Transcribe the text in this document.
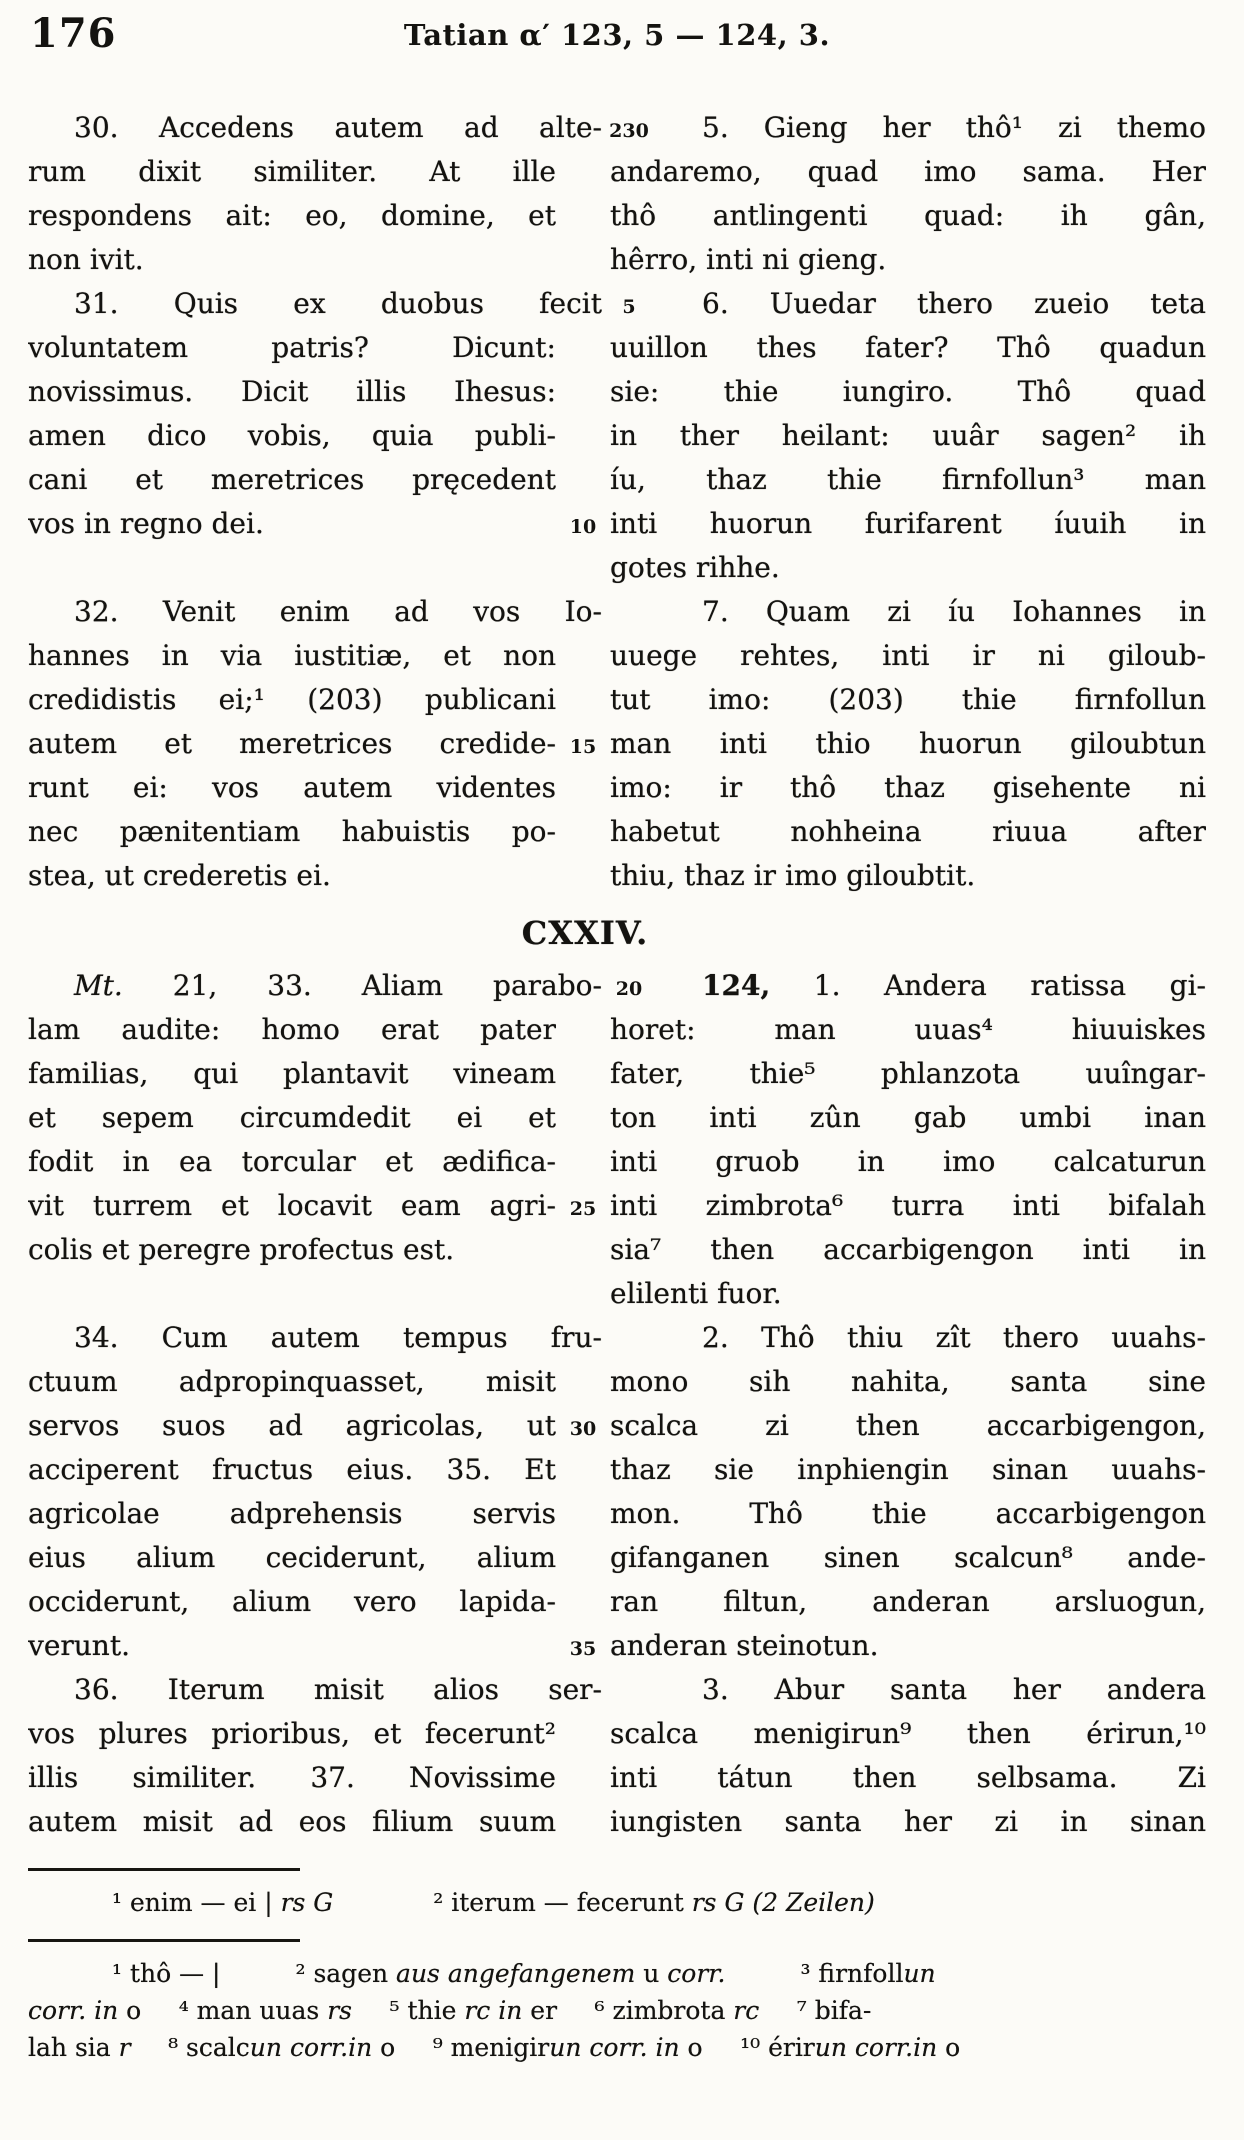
176	Tatian α′ 123, 5 — 124, 3.
30. Accedens autem ad alte- 230	5. Gieng her thô¹ zi themo
rum dixit similiter. At ille andaremo, quad imo sama. Her
respondens ait: eo, domine, et thô antlingenti quad: ih gân,
non ivit.	hêrro, inti ni gieng.
31. Quis ex duobus fecit	5	6. Uuedar thero zueio teta
voluntatem patris? Dicunt: uuillon thes fater? Thô quadun
novissimus. Dicit illis Ihesus: sie: thie iungiro. Thô quad
amen dico vobis, quia publi- in ther heilant: uuâr sagen² ih
cani et meretrices pręcedent íu, thaz thie firnfollun³ man
vos in regno dei.	10 inti huorun furifarent íuuih in
gotes rihhe.
32. Venit enim ad vos Io-	7. Quam zi íu Iohannes in
hannes in via iustitiæ, et non uuege rehtes, inti ir ni giloub-
credidistis ei;¹ (203) publicani tut imo: (203) thie firnfollun
autem et meretrices credide- 15 man inti thio huorun giloubtun
runt ei: vos autem videntes imo: ir thô thaz gisehente ni
nec pænitentiam habuistis po- habetut nohheina riuua after
stea, ut crederetis ei.	thiu, thaz ir imo giloubtit.
CXXIV.
Mt. 21, 33. Aliam parabo- 20	124, 1. Andera ratissa gi-
lam audite: homo erat pater horet: man uuas⁴ hiuuiskes
familias, qui plantavit vineam fater, thie⁵ phlanzota uuîngar-
et sepem circumdedit ei et ton inti zûn gab umbi inan
fodit in ea torcular et ædifica- inti gruob in imo calcaturun
vit turrem et locavit eam agri- 25 inti zimbrota⁶ turra inti bifalah
colis et peregre profectus est.	sia⁷ then accarbigengon inti in
elilenti fuor.
34. Cum autem tempus fru-	2. Thô thiu zît thero uuahs-
ctuum adpropinquasset, misit mono sih nahita, santa sine
servos suos ad agricolas, ut 30 scalca zi then accarbigengon,
acciperent fructus eius. 35. Et thaz sie inphiengin sinan uuahs-
agricolae adprehensis servis mon. Thô thie accarbigengon
eius alium ceciderunt, alium gifanganen sinen scalcun⁸ ande-
occiderunt, alium vero lapida- ran filtun, anderan arsluogun,
verunt.	35 anderan steinotun.
36. Iterum misit alios ser-	3. Abur santa her andera
vos plures prioribus, et fecerunt² scalca menigirun⁹ then érirun,¹⁰
illis similiter. 37. Novissime inti tátun then selbsama. Zi
autem misit ad eos filium suum iungisten santa her zi in sinan
¹ enim — ei | rs G    ² iterum — fecerunt rs G (2 Zeilen)
¹ thô — |   ² sagen aus angefangenem u corr.   ³ firnfollun
corr. in o  ⁴ man uuas rs  ⁵ thie rc in er  ⁶ zimbrota rc  ⁷ bifa-
lah sia r  ⁸ scalcun corr.in o  ⁹ menigirun corr. in o  ¹⁰ érirun corr.in o
